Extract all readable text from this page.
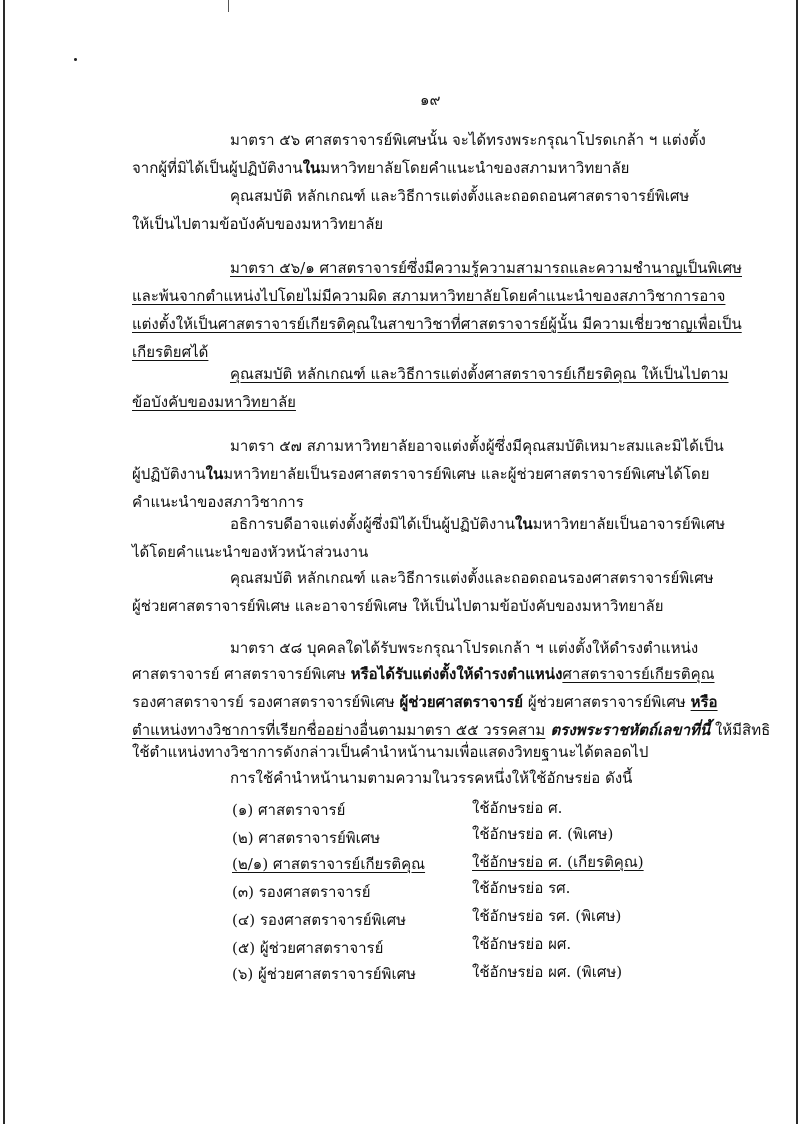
๑๙
มาตรา ๕๖ ศาสตราจารย์พิเศษนั้น จะได้ทรงพระกรุณาโปรดเกล้า ฯ แต่งตั้ง
จากผู้ที่มิได้เป็นผู้ปฏิบัติงานในมหาวิทยาลัยโดยคำแนะนำของสภามหาวิทยาลัย
คุณสมบัติ หลักเกณฑ์ และวิธีการแต่งตั้งและถอดถอนศาสตราจารย์พิเศษ
ให้เป็นไปตามข้อบังคับของมหาวิทยาลัย
มาตรา ๕๖/๑ ศาสตราจารย์ซึ่งมีความรู้ความสามารถและความชำนาญเป็นพิเศษ
และพ้นจากตำแหน่งไปโดยไม่มีความผิด สภามหาวิทยาลัยโดยคำแนะนำของสภาวิชาการอาจ
แต่งตั้งให้เป็นศาสตราจารย์เกียรติคุณในสาขาวิชาที่ศาสตราจารย์ผู้นั้น มีความเชี่ยวชาญเพื่อเป็น
เกียรติยศได้
คุณสมบัติ หลักเกณฑ์ และวิธีการแต่งตั้งศาสตราจารย์เกียรติคุณ ให้เป็นไปตาม
ข้อบังคับของมหาวิทยาลัย
มาตรา ๕๗ สภามหาวิทยาลัยอาจแต่งตั้งผู้ซึ่งมีคุณสมบัติเหมาะสมและมิได้เป็น
ผู้ปฏิบัติงานในมหาวิทยาลัยเป็นรองศาสตราจารย์พิเศษ และผู้ช่วยศาสตราจารย์พิเศษได้โดย
คำแนะนำของสภาวิชาการ
อธิการบดีอาจแต่งตั้งผู้ซึ่งมิได้เป็นผู้ปฏิบัติงานในมหาวิทยาลัยเป็นอาจารย์พิเศษ
ได้โดยคำแนะนำของหัวหน้าส่วนงาน
คุณสมบัติ หลักเกณฑ์ และวิธีการแต่งตั้งและถอดถอนรองศาสตราจารย์พิเศษ
ผู้ช่วยศาสตราจารย์พิเศษ และอาจารย์พิเศษ ให้เป็นไปตามข้อบังคับของมหาวิทยาลัย
มาตรา ๕๘ บุคคลใดได้รับพระกรุณาโปรดเกล้า ฯ แต่งตั้งให้ดำรงตำแหน่ง
ศาสตราจารย์ ศาสตราจารย์พิเศษ หรือได้รับแต่งตั้งให้ดำรงตำแหน่งศาสตราจารย์เกียรติคุณ
รองศาสตราจารย์ รองศาสตราจารย์พิเศษ ผู้ช่วยศาสตราจารย์ ผู้ช่วยศาสตราจารย์พิเศษ หรือ
ตำแหน่งทางวิชาการที่เรียกชื่ออย่างอื่นตามมาตรา ๕๕ วรรคสาม ตรงพระราชหัตถ์เลขาที่นี้ ให้มีสิทธิ
ใช้ตำแหน่งทางวิชาการดังกล่าวเป็นคำนำหน้านามเพื่อแสดงวิทยฐานะได้ตลอดไป
การใช้คำนำหน้านามตามความในวรรคหนึ่งให้ใช้อักษรย่อ ดังนี้
(๑) ศาสตราจารย์	ใช้อักษรย่อ ศ.
(๒) ศาสตราจารย์พิเศษ	ใช้อักษรย่อ ศ. (พิเศษ)
(๒/๑) ศาสตราจารย์เกียรติคุณ	ใช้อักษรย่อ ศ. (เกียรติคุณ)
(๓) รองศาสตราจารย์	ใช้อักษรย่อ รศ.
(๔) รองศาสตราจารย์พิเศษ	ใช้อักษรย่อ รศ. (พิเศษ)
(๕) ผู้ช่วยศาสตราจารย์	ใช้อักษรย่อ ผศ.
(๖) ผู้ช่วยศาสตราจารย์พิเศษ	ใช้อักษรย่อ ผศ. (พิเศษ)
